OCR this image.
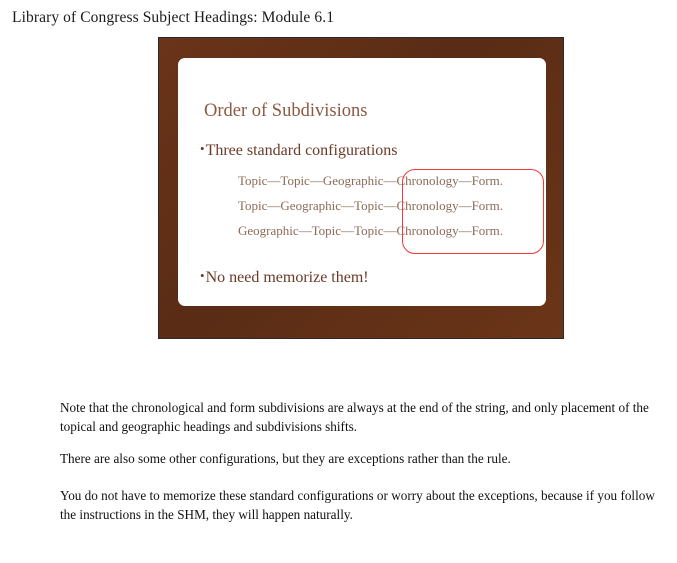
Library of Congress Subject Headings: Module 6.1
Order of Subdivisions
•Three standard configurations
Topic—Topic—Geographic—Chronology—Form.
Topic—Geographic—Topic—Chronology—Form.
Geographic—Topic—Topic—Chronology—Form.
•No need memorize them!
Note that the chronological and form subdivisions are always at the end of the string, and only placement of the topical and geographic headings and subdivisions shifts.
There are also some other configurations, but they are exceptions rather than the rule.
You do not have to memorize these standard configurations or worry about the exceptions, because if you follow the instructions in the SHM, they will happen naturally.
